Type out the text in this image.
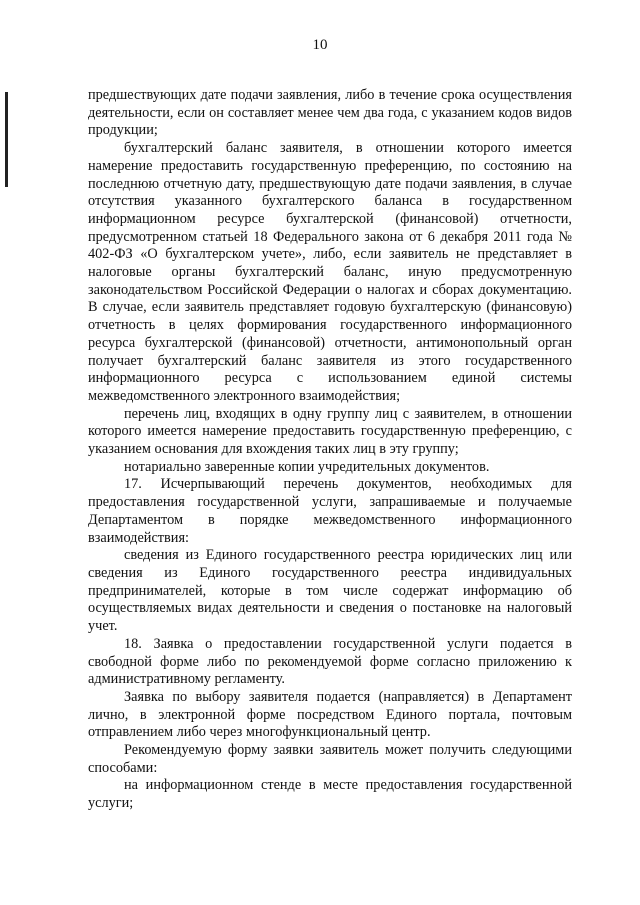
10

предшествующих дате подачи заявления, либо в течение срока осуществления деятельности, если он составляет менее чем два года, с указанием кодов видов продукции;

бухгалтерский баланс заявителя, в отношении которого имеется намерение предоставить государственную преференцию, по состоянию на последнюю отчетную дату, предшествующую дате подачи заявления, в случае отсутствия указанного бухгалтерского баланса в государственном информационном ресурсе бухгалтерской (финансовой) отчетности, предусмотренном статьей 18 Федерального закона от 6 декабря 2011 года № 402-ФЗ «О бухгалтерском учете», либо, если заявитель не представляет в налоговые органы бухгалтерский баланс, иную предусмотренную законодательством Российской Федерации о налогах и сборах документацию. В случае, если заявитель представляет годовую бухгалтерскую (финансовую) отчетность в целях формирования государственного информационного ресурса бухгалтерской (финансовой) отчетности, антимонопольный орган получает бухгалтерский баланс заявителя из этого государственного информационного ресурса с использованием единой системы межведомственного электронного взаимодействия;

перечень лиц, входящих в одну группу лиц с заявителем, в отношении которого имеется намерение предоставить государственную преференцию, с указанием основания для вхождения таких лиц в эту группу;

нотариально заверенные копии учредительных документов.

17. Исчерпывающий перечень документов, необходимых для предоставления государственной услуги, запрашиваемые и получаемые Департаментом в порядке межведомственного информационного взаимодействия:

сведения из Единого государственного реестра юридических лиц или сведения из Единого государственного реестра индивидуальных предпринимателей, которые в том числе содержат информацию об осуществляемых видах деятельности и сведения о постановке на налоговый учет.

18. Заявка о предоставлении государственной услуги подается в свободной форме либо по рекомендуемой форме согласно приложению к административному регламенту.

Заявка по выбору заявителя подается (направляется) в Департамент лично, в электронной форме посредством Единого портала, почтовым отправлением либо через многофункциональный центр.

Рекомендуемую форму заявки заявитель может получить следующими способами:

на информационном стенде в месте предоставления государственной услуги;
